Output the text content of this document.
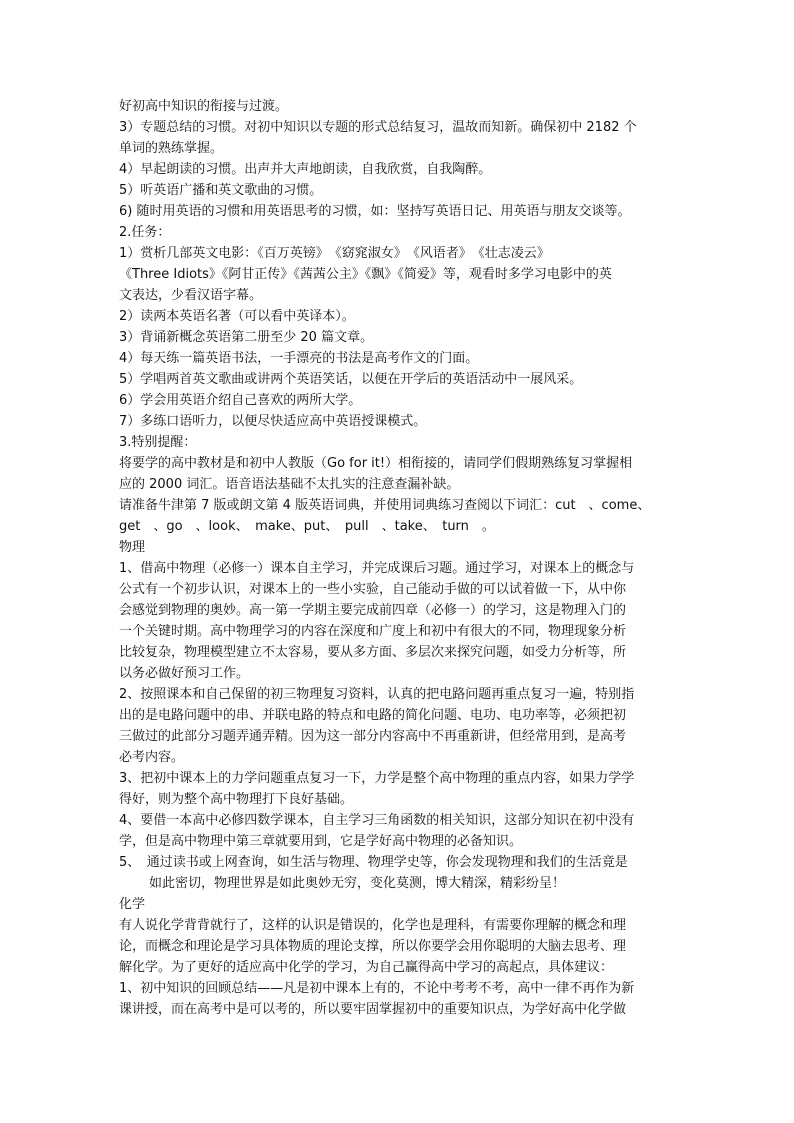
好初高中知识的衔接与过渡。

3）专题总结的习惯。对初中知识以专题的形式总结复习，温故而知新。确保初中 2182 个

单词的熟练掌握。

4）早起朗读的习惯。出声并大声地朗读，自我欣赏，自我陶醉。

5）听英语广播和英文歌曲的习惯。

6) 随时用英语的习惯和用英语思考的习惯，如：坚持写英语日记、用英语与朋友交谈等。

2.任务：

1）赏析几部英文电影：《百万英镑》　《窈窕淑女》　《风语者》　《壮志凌云》

《Three Idiots》《阿甘正传》《茜茜公主》《飘》《简爱》等，观看时多学习电影中的英

文表达，少看汉语字幕。

2）读两本英语名著（可以看中英译本）。

3）背诵新概念英语第二册至少 20 篇文章。

4）每天练一篇英语书法，一手漂亮的书法是高考作文的门面。

5）学唱两首英文歌曲或讲两个英语笑话，以便在开学后的英语活动中一展风采。

6）学会用英语介绍自己喜欢的两所大学。

7）多练口语听力，以便尽快适应高中英语授课模式。

3.特别提醒：

将要学的高中教材是和初中人教版（Go for it!）相衔接的，请同学们假期熟练复习掌握相

应的 2000 词汇。语音语法基础不太扎实的注意查漏补缺。

请准备牛津第 7 版或朗文第 4 版英语词典，并使用词典练习查阅以下词汇：cut　、come、

get　、go　、look、　make、put、　pull　、take、　turn　。

物理

1、借高中物理（必修一）课本自主学习，并完成课后习题。通过学习，对课本上的概念与

公式有一个初步认识，对课本上的一些小实验，自己能动手做的可以试着做一下，从中你

会感觉到物理的奥妙。高一第一学期主要完成前四章（必修一）的学习，这是物理入门的

一个关键时期。高中物理学习的内容在深度和广度上和初中有很大的不同，物理现象分析

比较复杂，物理模型建立不太容易，要从多方面、多层次来探究问题，如受力分析等，所

以务必做好预习工作。

2、按照课本和自己保留的初三物理复习资料，认真的把电路问题再重点复习一遍，特别指

出的是电路问题中的串、并联电路的特点和电路的简化问题、电功、电功率等，必须把初

三做过的此部分习题弄通弄精。因为这一部分内容高中不再重新讲，但经常用到，是高考

必考内容。

3、把初中课本上的力学问题重点复习一下，力学是整个高中物理的重点内容，如果力学学

得好，则为整个高中物理打下良好基础。

4、要借一本高中必修四数学课本，自主学习三角函数的相关知识，这部分知识在初中没有

学，但是高中物理中第三章就要用到，它是学好高中物理的必备知识。

5、　通过读书或上网查询，如生活与物理、物理学史等，你会发现物理和我们的生活竟是

如此密切，物理世界是如此奥妙无穷，变化莫测，博大精深，精彩纷呈！

化学

有人说化学背背就行了，这样的认识是错误的，化学也是理科，有需要你理解的概念和理

论，而概念和理论是学习具体物质的理论支撑，所以你要学会用你聪明的大脑去思考、理

解化学。为了更好的适应高中化学的学习，为自己赢得高中学习的高起点，具体建议：

1、初中知识的回顾总结——凡是初中课本上有的，不论中考考不考，高中一律不再作为新

课讲授，而在高考中是可以考的，所以要牢固掌握初中的重要知识点，为学好高中化学做
